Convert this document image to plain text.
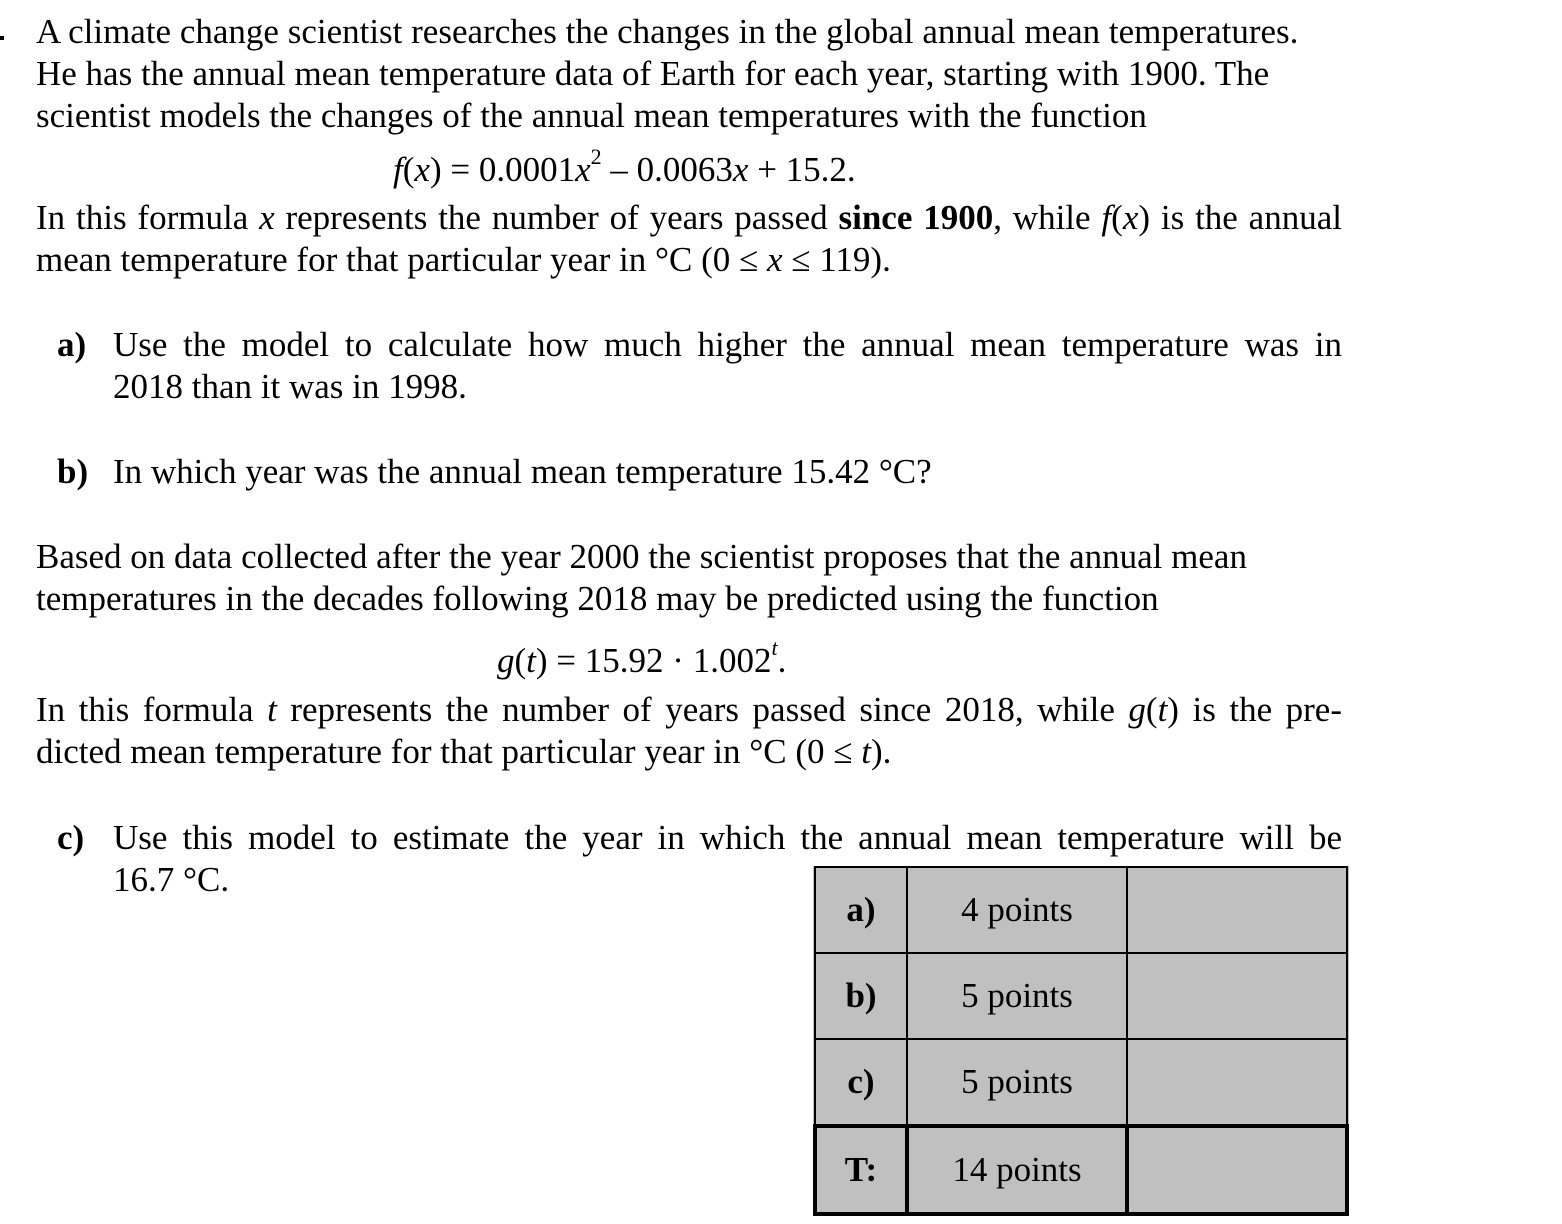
A climate change scientist researches the changes in the global annual mean temperatures.
He has the annual mean temperature data of Earth for each year, starting with 1900. The
scientist models the changes of the annual mean temperatures with the function
$f(x) = 0.0001x^2 - 0.0063x + 15.2$.
In this formula x represents the number of years passed since 1900, while f(x) is the annual
mean temperature for that particular year in °C (0 ≤ x ≤ 119).
a) Use the model to calculate how much higher the annual mean temperature was in
2018 than it was in 1998.
b) In which year was the annual mean temperature 15.42 °C?
Based on data collected after the year 2000 the scientist proposes that the annual mean
temperatures in the decades following 2018 may be predicted using the function
$g(t) = 15.92 \cdot 1.002^t$.
In this formula t represents the number of years passed since 2018, while g(t) is the pre-
dicted mean temperature for that particular year in °C (0 ≤ t).
c) Use this model to estimate the year in which the annual mean temperature will be
16.7 °C.
a)	4 points	
b)	5 points	
c)	5 points	
T:	14 points	
